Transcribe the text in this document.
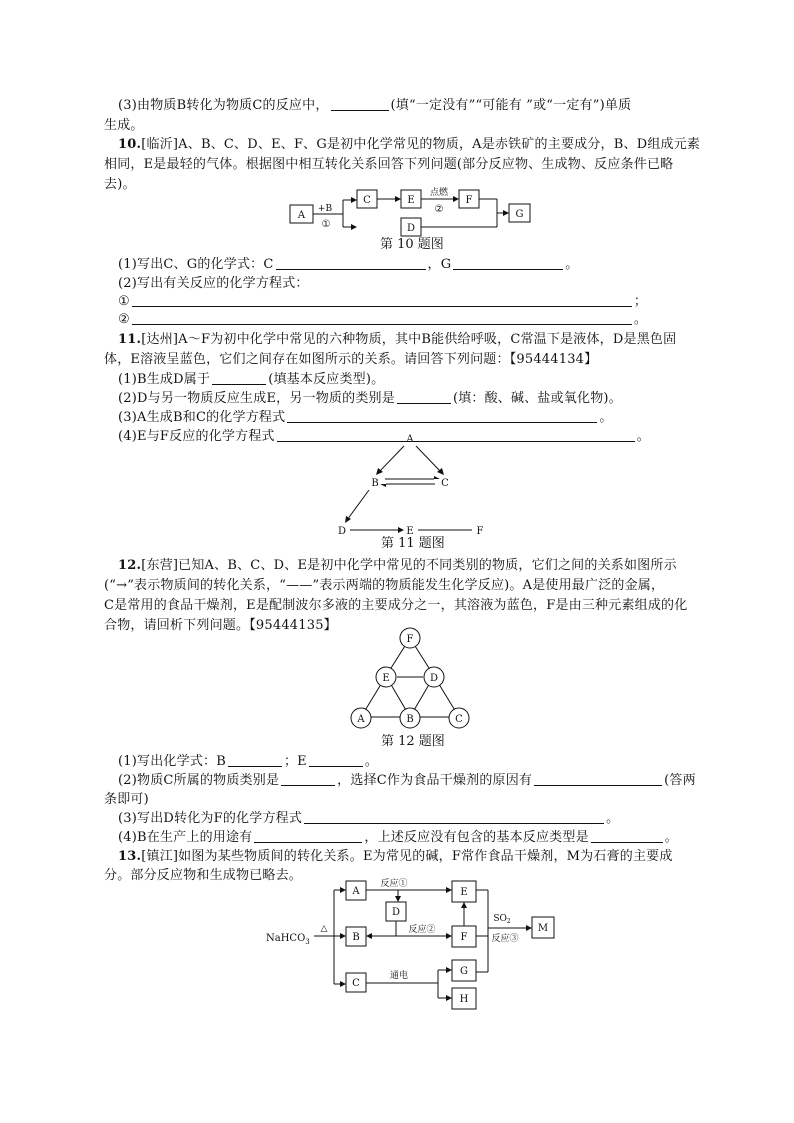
(3)由物质B转化为物质C的反应中，	(填“一定没有”“可能有 ”或“一定有”)单质
生成。
10.[临沂]A、B、C、D、E、F、G是初中化学常见的物质，A是赤铁矿的主要成分，B、D组成元素
相同，E是最轻的气体。根据图中相互转化关系回答下列问题(部分反应物、生成物、反应条件已略
去)。
A
+B
①
C	E
点燃
②
F
G
D
第 10 题图
(1)写出C、G的化学式：C	，G	。
(2)写出有关反应的化学方程式：
①	；
②	。
11.[达州]A～F为初中化学中常见的六种物质，其中B能供给呼吸，C常温下是液体，D是黑色固
体，E溶液呈蓝色，它们之间存在如图所示的关系。请回答下列问题：【95444134】
(1)B生成D属于	(填基本反应类型)。
(2)D与另一物质反应生成E，另一物质的类别是	(填：酸、碱、盐或氧化物)。
(3)A生成B和C的化学方程式	。
(4)E与F反应的化学方程式	。
A
B	C
D	E	F
第 11 题图
12.[东营]已知A、B、C、D、E是初中化学中常见的不同类别的物质，它们之间的关系如图所示
(“→”表示物质间的转化关系，“——”表示两端的物质能发生化学反应)。A是使用最广泛的金属，
C是常用的食品干燥剂，E是配制波尔多液的主要成分之一，其溶液为蓝色，F是由三种元素组成的化
合物，请回析下列问题。【95444135】
F
E	D
A	B	C
第 12 题图
(1)写出化学式：B	；E	。
(2)物质C所属的物质类别是	，选择C作为食品干燥剂的原因有	(答两
条即可)
(3)写出D转化为F的化学方程式	。
(4)B在生产上的用途有	，上述反应没有包含的基本反应类型是	。
13.[镇江]如图为某些物质间的转化关系。E为常见的碱，F常作食品干燥剂，M为石膏的主要成
分。部分反应物和生成物已略去。
NaHCO$_3$
△
A
B
C
反应①
D
反应②
E
F
$SO_2$
反应③
M
G
H
通电
